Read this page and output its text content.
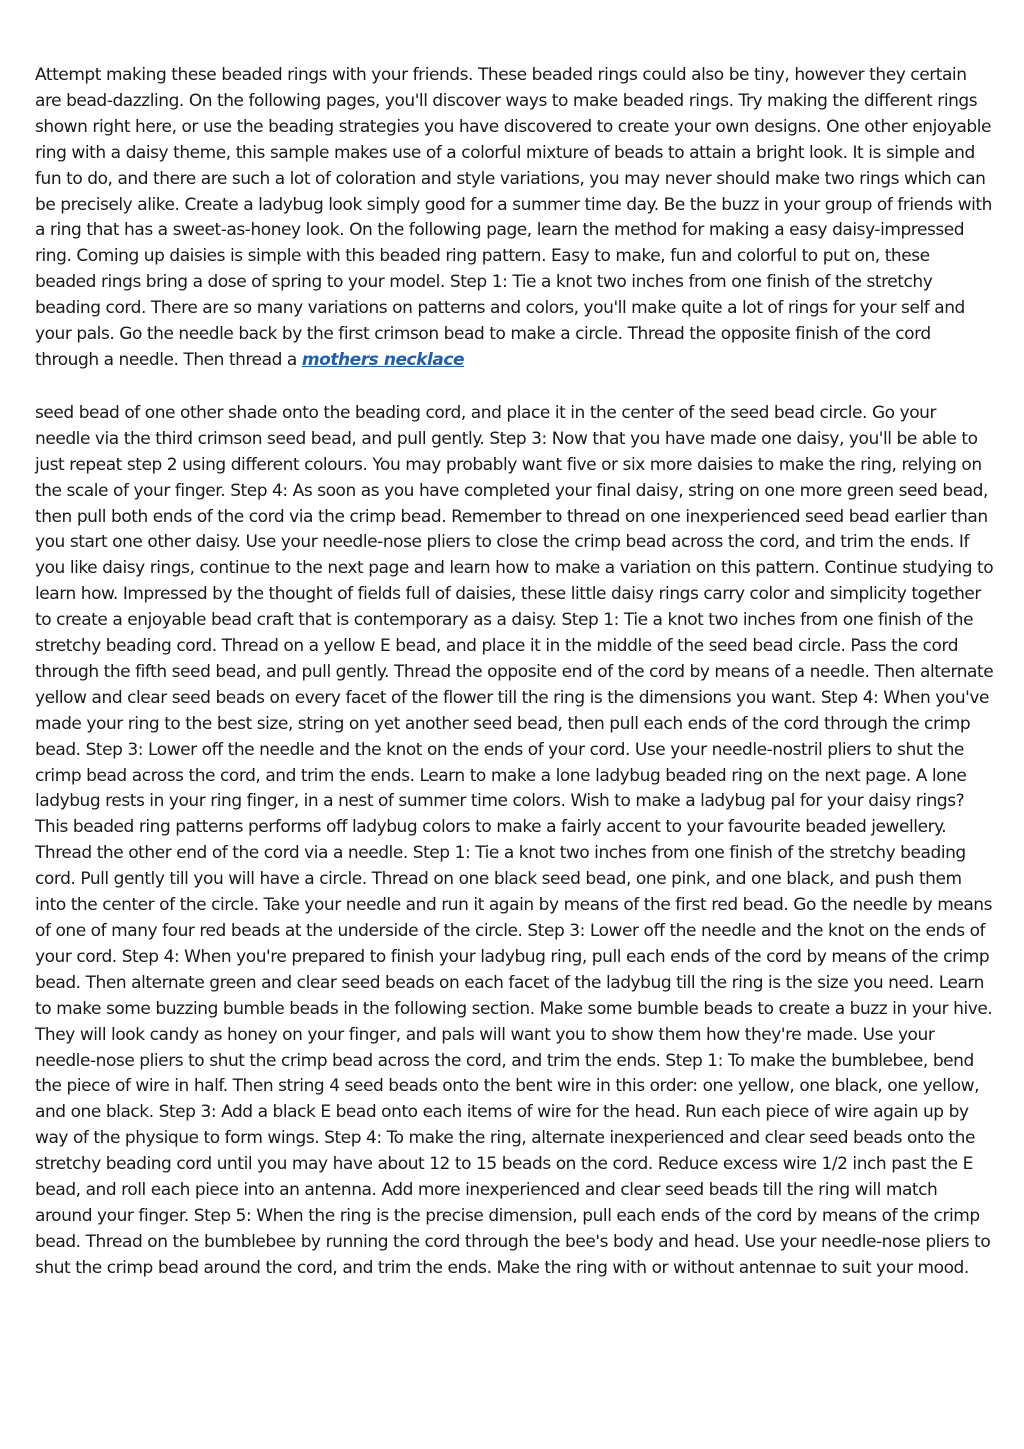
Attempt making these beaded rings with your friends. These beaded rings could also be tiny, however they certain are bead-dazzling. On the following pages, you'll discover ways to make beaded rings. Try making the different rings shown right here, or use the beading strategies you have discovered to create your own designs. One other enjoyable ring with a daisy theme, this sample makes use of a colorful mixture of beads to attain a bright look. It is simple and fun to do, and there are such a lot of coloration and style variations, you may never should make two rings which can be precisely alike. Create a ladybug look simply good for a summer time day. Be the buzz in your group of friends with a ring that has a sweet-as-honey look. On the following page, learn the method for making a easy daisy-impressed ring. Coming up daisies is simple with this beaded ring pattern. Easy to make, fun and colorful to put on, these beaded rings bring a dose of spring to your model. Step 1: Tie a knot two inches from one finish of the stretchy beading cord. There are so many variations on patterns and colors, you'll make quite a lot of rings for your self and your pals. Go the needle back by the first crimson bead to make a circle. Thread the opposite finish of the cord through a needle. Then thread a mothers necklace

seed bead of one other shade onto the beading cord, and place it in the center of the seed bead circle. Go your needle via the third crimson seed bead, and pull gently. Step 3: Now that you have made one daisy, you'll be able to just repeat step 2 using different colours. You may probably want five or six more daisies to make the ring, relying on the scale of your finger. Step 4: As soon as you have completed your final daisy, string on one more green seed bead, then pull both ends of the cord via the crimp bead. Remember to thread on one inexperienced seed bead earlier than you start one other daisy. Use your needle-nose pliers to close the crimp bead across the cord, and trim the ends. If you like daisy rings, continue to the next page and learn how to make a variation on this pattern. Continue studying to learn how. Impressed by the thought of fields full of daisies, these little daisy rings carry color and simplicity together to create a enjoyable bead craft that is contemporary as a daisy. Step 1: Tie a knot two inches from one finish of the stretchy beading cord. Thread on a yellow E bead, and place it in the middle of the seed bead circle. Pass the cord through the fifth seed bead, and pull gently. Thread the opposite end of the cord by means of a needle. Then alternate yellow and clear seed beads on every facet of the flower till the ring is the dimensions you want. Step 4: When you've made your ring to the best size, string on yet another seed bead, then pull each ends of the cord through the crimp bead. Step 3: Lower off the needle and the knot on the ends of your cord. Use your needle-nostril pliers to shut the crimp bead across the cord, and trim the ends. Learn to make a lone ladybug beaded ring on the next page. A lone ladybug rests in your ring finger, in a nest of summer time colors. Wish to make a ladybug pal for your daisy rings? This beaded ring patterns performs off ladybug colors to make a fairly accent to your favourite beaded jewellery. Thread the other end of the cord via a needle. Step 1: Tie a knot two inches from one finish of the stretchy beading cord. Pull gently till you will have a circle. Thread on one black seed bead, one pink, and one black, and push them into the center of the circle. Take your needle and run it again by means of the first red bead. Go the needle by means of one of many four red beads at the underside of the circle. Step 3: Lower off the needle and the knot on the ends of your cord. Step 4: When you're prepared to finish your ladybug ring, pull each ends of the cord by means of the crimp bead. Then alternate green and clear seed beads on each facet of the ladybug till the ring is the size you need. Learn to make some buzzing bumble beads in the following section. Make some bumble beads to create a buzz in your hive. They will look candy as honey on your finger, and pals will want you to show them how they're made. Use your needle-nose pliers to shut the crimp bead across the cord, and trim the ends. Step 1: To make the bumblebee, bend the piece of wire in half. Then string 4 seed beads onto the bent wire in this order: one yellow, one black, one yellow, and one black. Step 3: Add a black E bead onto each items of wire for the head. Run each piece of wire again up by way of the physique to form wings. Step 4: To make the ring, alternate inexperienced and clear seed beads onto the stretchy beading cord until you may have about 12 to 15 beads on the cord. Reduce excess wire 1/2 inch past the E bead, and roll each piece into an antenna. Add more inexperienced and clear seed beads till the ring will match around your finger. Step 5: When the ring is the precise dimension, pull each ends of the cord by means of the crimp bead. Thread on the bumblebee by running the cord through the bee's body and head. Use your needle-nose pliers to shut the crimp bead around the cord, and trim the ends. Make the ring with or without antennae to suit your mood.
